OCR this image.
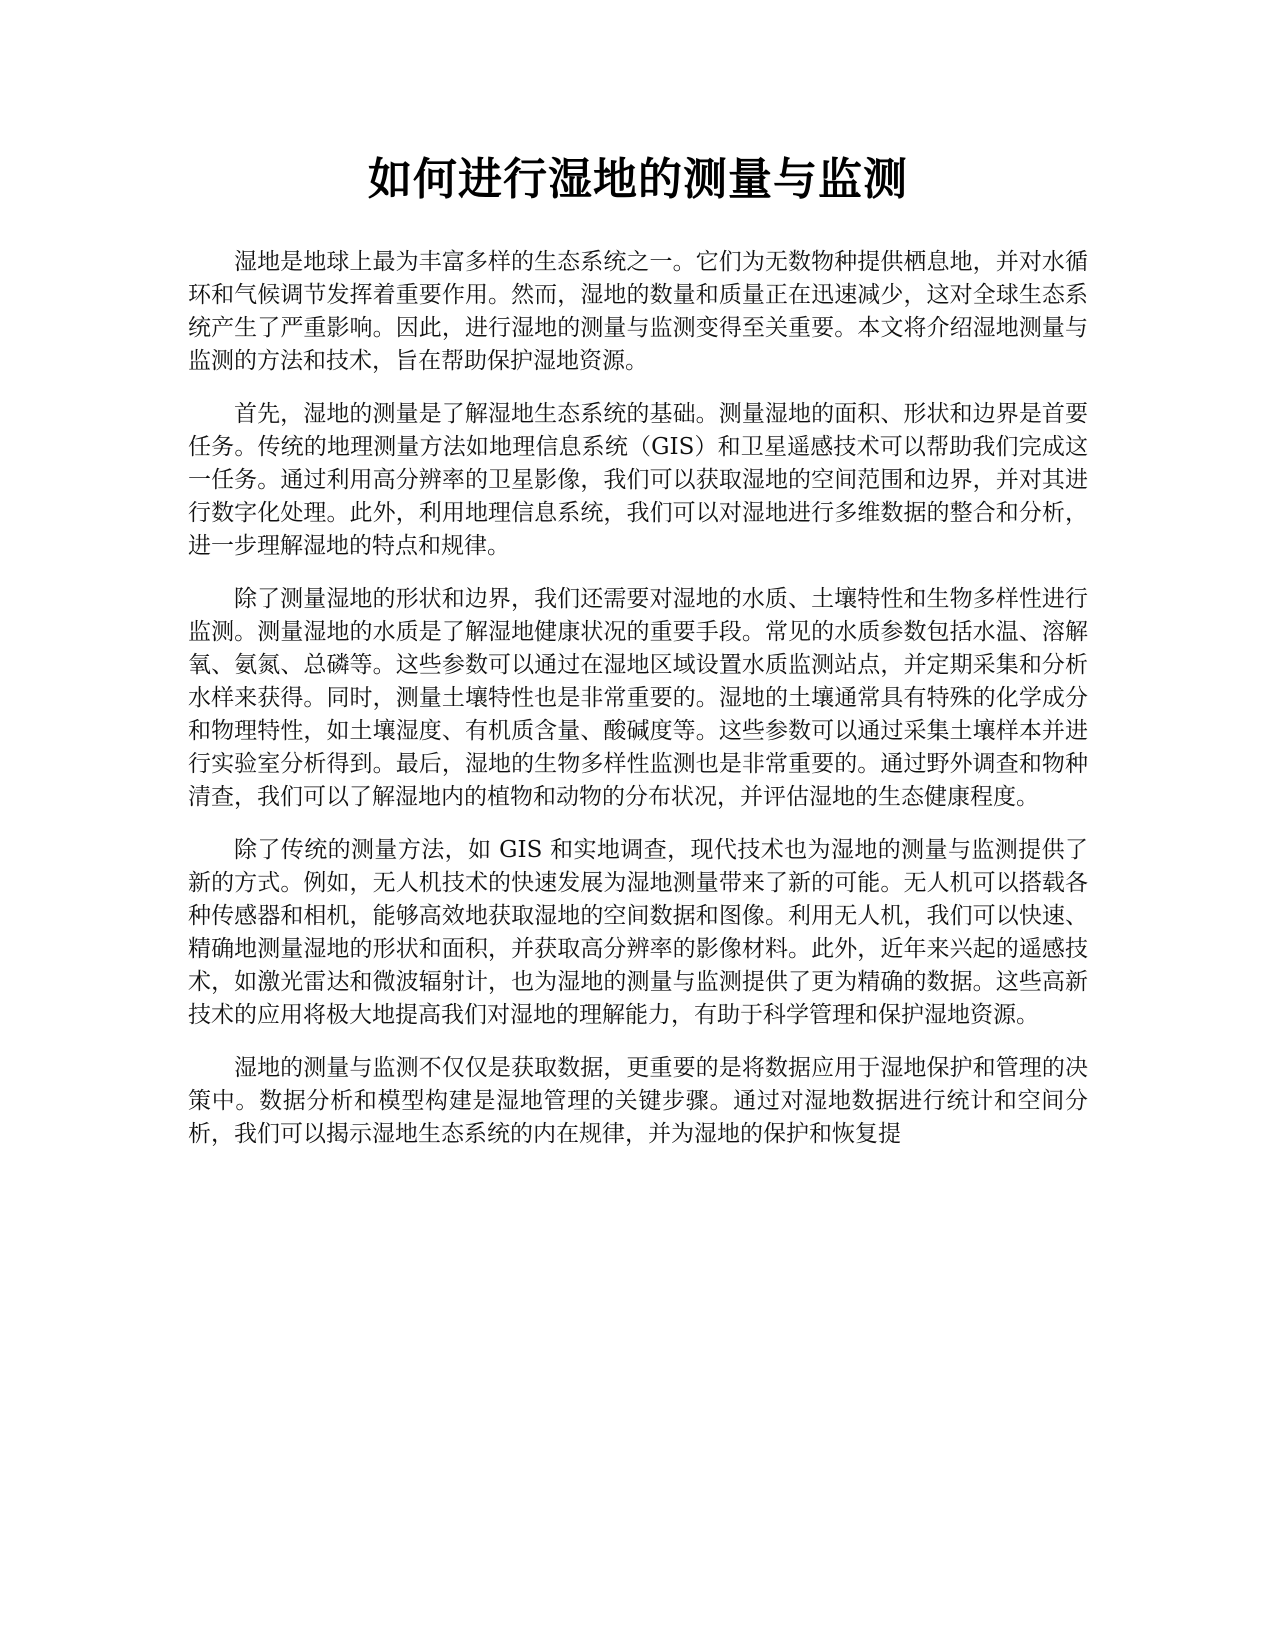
如何进行湿地的测量与监测

湿地是地球上最为丰富多样的生态系统之一。它们为无数物种提供栖息地，并对水循环和气候调节发挥着重要作用。然而，湿地的数量和质量正在迅速减少，这对全球生态系统产生了严重影响。因此，进行湿地的测量与监测变得至关重要。本文将介绍湿地测量与监测的方法和技术，旨在帮助保护湿地资源。

首先，湿地的测量是了解湿地生态系统的基础。测量湿地的面积、形状和边界是首要任务。传统的地理测量方法如地理信息系统（GIS）和卫星遥感技术可以帮助我们完成这一任务。通过利用高分辨率的卫星影像，我们可以获取湿地的空间范围和边界，并对其进行数字化处理。此外，利用地理信息系统，我们可以对湿地进行多维数据的整合和分析，进一步理解湿地的特点和规律。

除了测量湿地的形状和边界，我们还需要对湿地的水质、土壤特性和生物多样性进行监测。测量湿地的水质是了解湿地健康状况的重要手段。常见的水质参数包括水温、溶解氧、氨氮、总磷等。这些参数可以通过在湿地区域设置水质监测站点，并定期采集和分析水样来获得。同时，测量土壤特性也是非常重要的。湿地的土壤通常具有特殊的化学成分和物理特性，如土壤湿度、有机质含量、酸碱度等。这些参数可以通过采集土壤样本并进行实验室分析得到。最后，湿地的生物多样性监测也是非常重要的。通过野外调查和物种清查，我们可以了解湿地内的植物和动物的分布状况，并评估湿地的生态健康程度。

除了传统的测量方法，如 GIS 和实地调查，现代技术也为湿地的测量与监测提供了新的方式。例如，无人机技术的快速发展为湿地测量带来了新的可能。无人机可以搭载各种传感器和相机，能够高效地获取湿地的空间数据和图像。利用无人机，我们可以快速、精确地测量湿地的形状和面积，并获取高分辨率的影像材料。此外，近年来兴起的遥感技术，如激光雷达和微波辐射计，也为湿地的测量与监测提供了更为精确的数据。这些高新技术的应用将极大地提高我们对湿地的理解能力，有助于科学管理和保护湿地资源。

湿地的测量与监测不仅仅是获取数据，更重要的是将数据应用于湿地保护和管理的决策中。数据分析和模型构建是湿地管理的关键步骤。通过对湿地数据进行统计和空间分析，我们可以揭示湿地生态系统的内在规律，并为湿地的保护和恢复提
